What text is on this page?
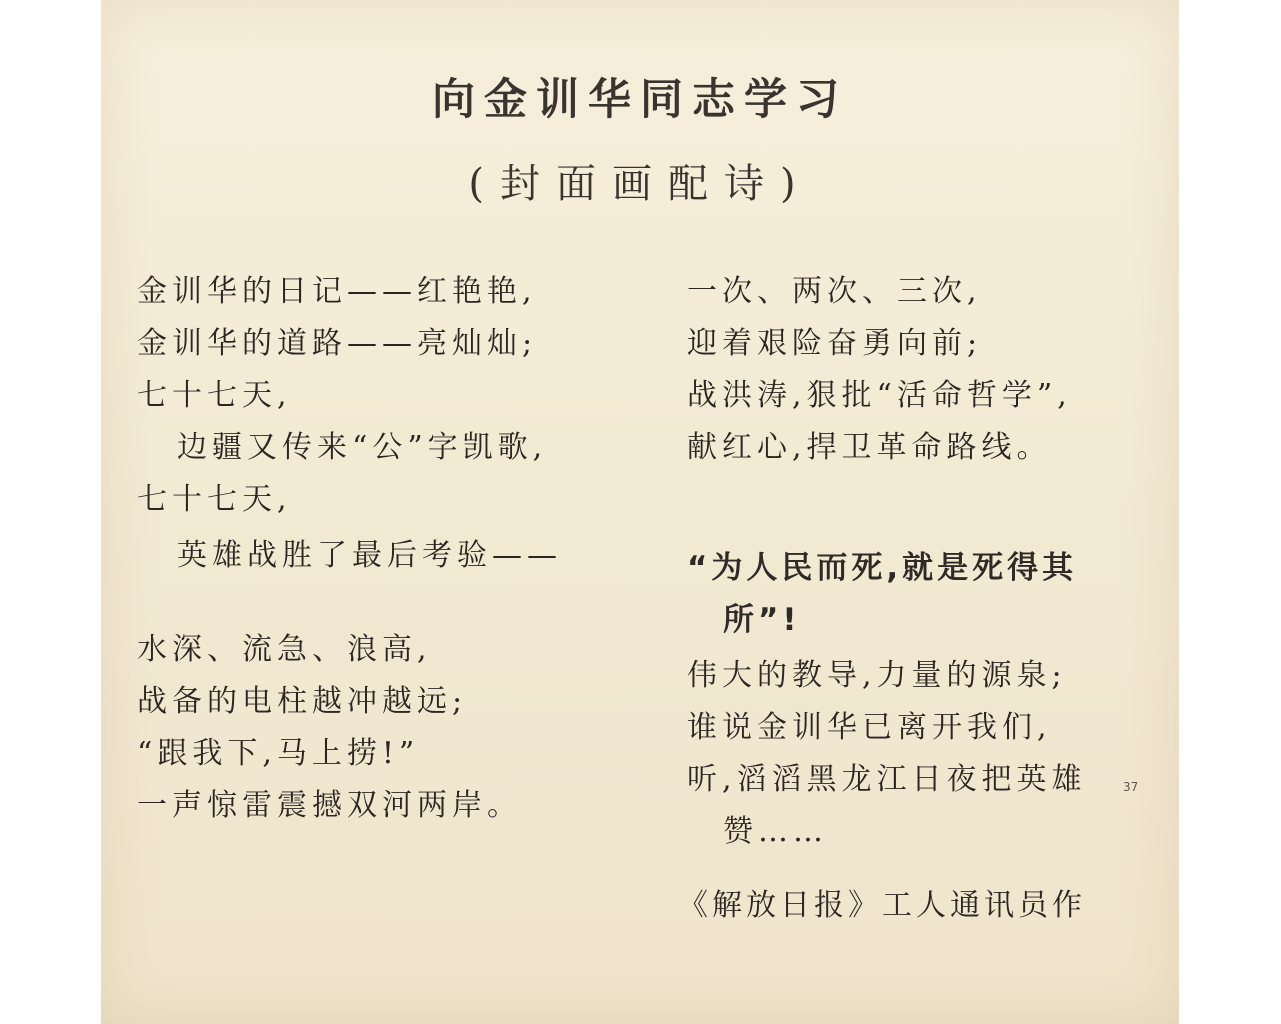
向金训华同志学习
(封面画配诗)
金训华的日记——红艳艳,
金训华的道路——亮灿灿;
七十七天,
边疆又传来“公”字凯歌,
七十七天,
英雄战胜了最后考验——
水深、流急、浪高,
战备的电柱越冲越远;
“跟我下,马上捞!”
一声惊雷震撼双河两岸。
一次、两次、三次,
迎着艰险奋勇向前;
战洪涛,狠批“活命哲学”,
献红心,捍卫革命路线。
“为人民而死,就是死得其
所”!
伟大的教导,力量的源泉;
谁说金训华已离开我们,
听,滔滔黑龙江日夜把英雄
赞……
《解放日报》工人通讯员作
37
